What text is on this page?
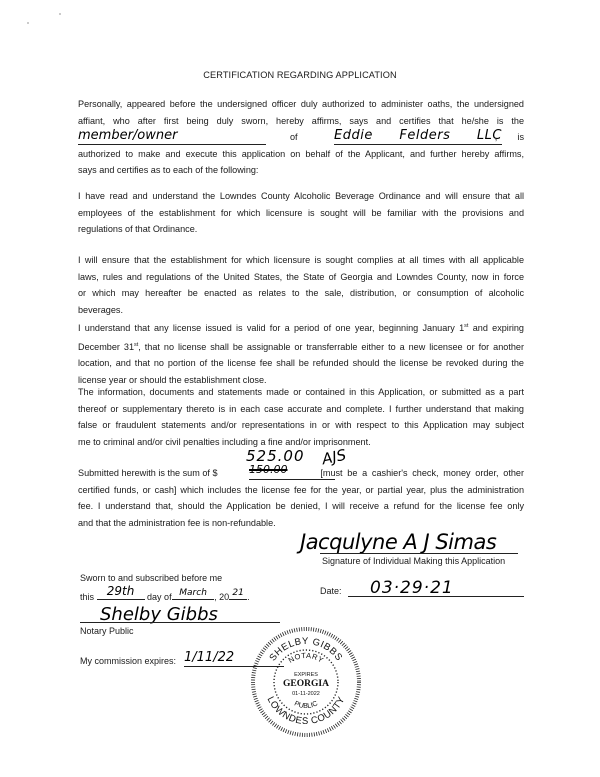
CERTIFICATION REGARDING APPLICATION
Personally, appeared before the undersigned officer duly authorized to administer oaths, the undersigned
affiant, who after first being duly sworn, hereby affirms, says and certifies that he/she is the
member/owner	of	Eddie Felders LLC
,        is
authorized to make and execute this application on behalf of the Applicant, and further hereby affirms,
says and certifies as to each of the following:
I have read and understand the Lowndes County Alcoholic Beverage Ordinance and will ensure that all
employees of the establishment for which licensure is sought will be familiar with the provisions and
regulations of that Ordinance.
I will ensure that the establishment for which licensure is sought complies at all times with all applicable
laws, rules and regulations of the United States, the State of Georgia and Lowndes County, now in force
or which may hereafter be enacted as relates to the sale, distribution, or consumption of alcoholic
beverages.
I understand that any license issued is valid for a period of one year, beginning January 1st and expiring
December 31st, that no license shall be assignable or transferrable either to a new licensee or for another
location, and that no portion of the license fee shall be refunded should the license be revoked during the
license year or should the establishment close.
The information, documents and statements made or contained in this Application, or submitted as a part
thereof or supplementary thereto is in each case accurate and complete. I further understand that making
false or fraudulent statements and/or representations in or with respect to this Application may subject
me to criminal and/or civil penalties including a fine and/or imprisonment.
525.00 AJS
Submitted herewith is the sum of $	150.00	[must be a cashier's check, money order, other
certified funds, or cash] which includes the license fee for the year, or partial year, plus the administration
fee. I understand that, should the Application be denied, I will receive a refund for the license fee only
and that the administration fee is non-refundable.
Jacqulyne A J Simas
Signature of Individual Making this Application
Date: 03·29·21
Sworn to and subscribed before me
this	29th	day of March , 20 21 .
Shelby Gibbs
Notary Public
My commission expires: 1/11/22	SHELBY GIBBS
LOWNDES COUNTY
NOTARY
PUBLIC
EXPIRES
GEORGIA
01-11-2022
